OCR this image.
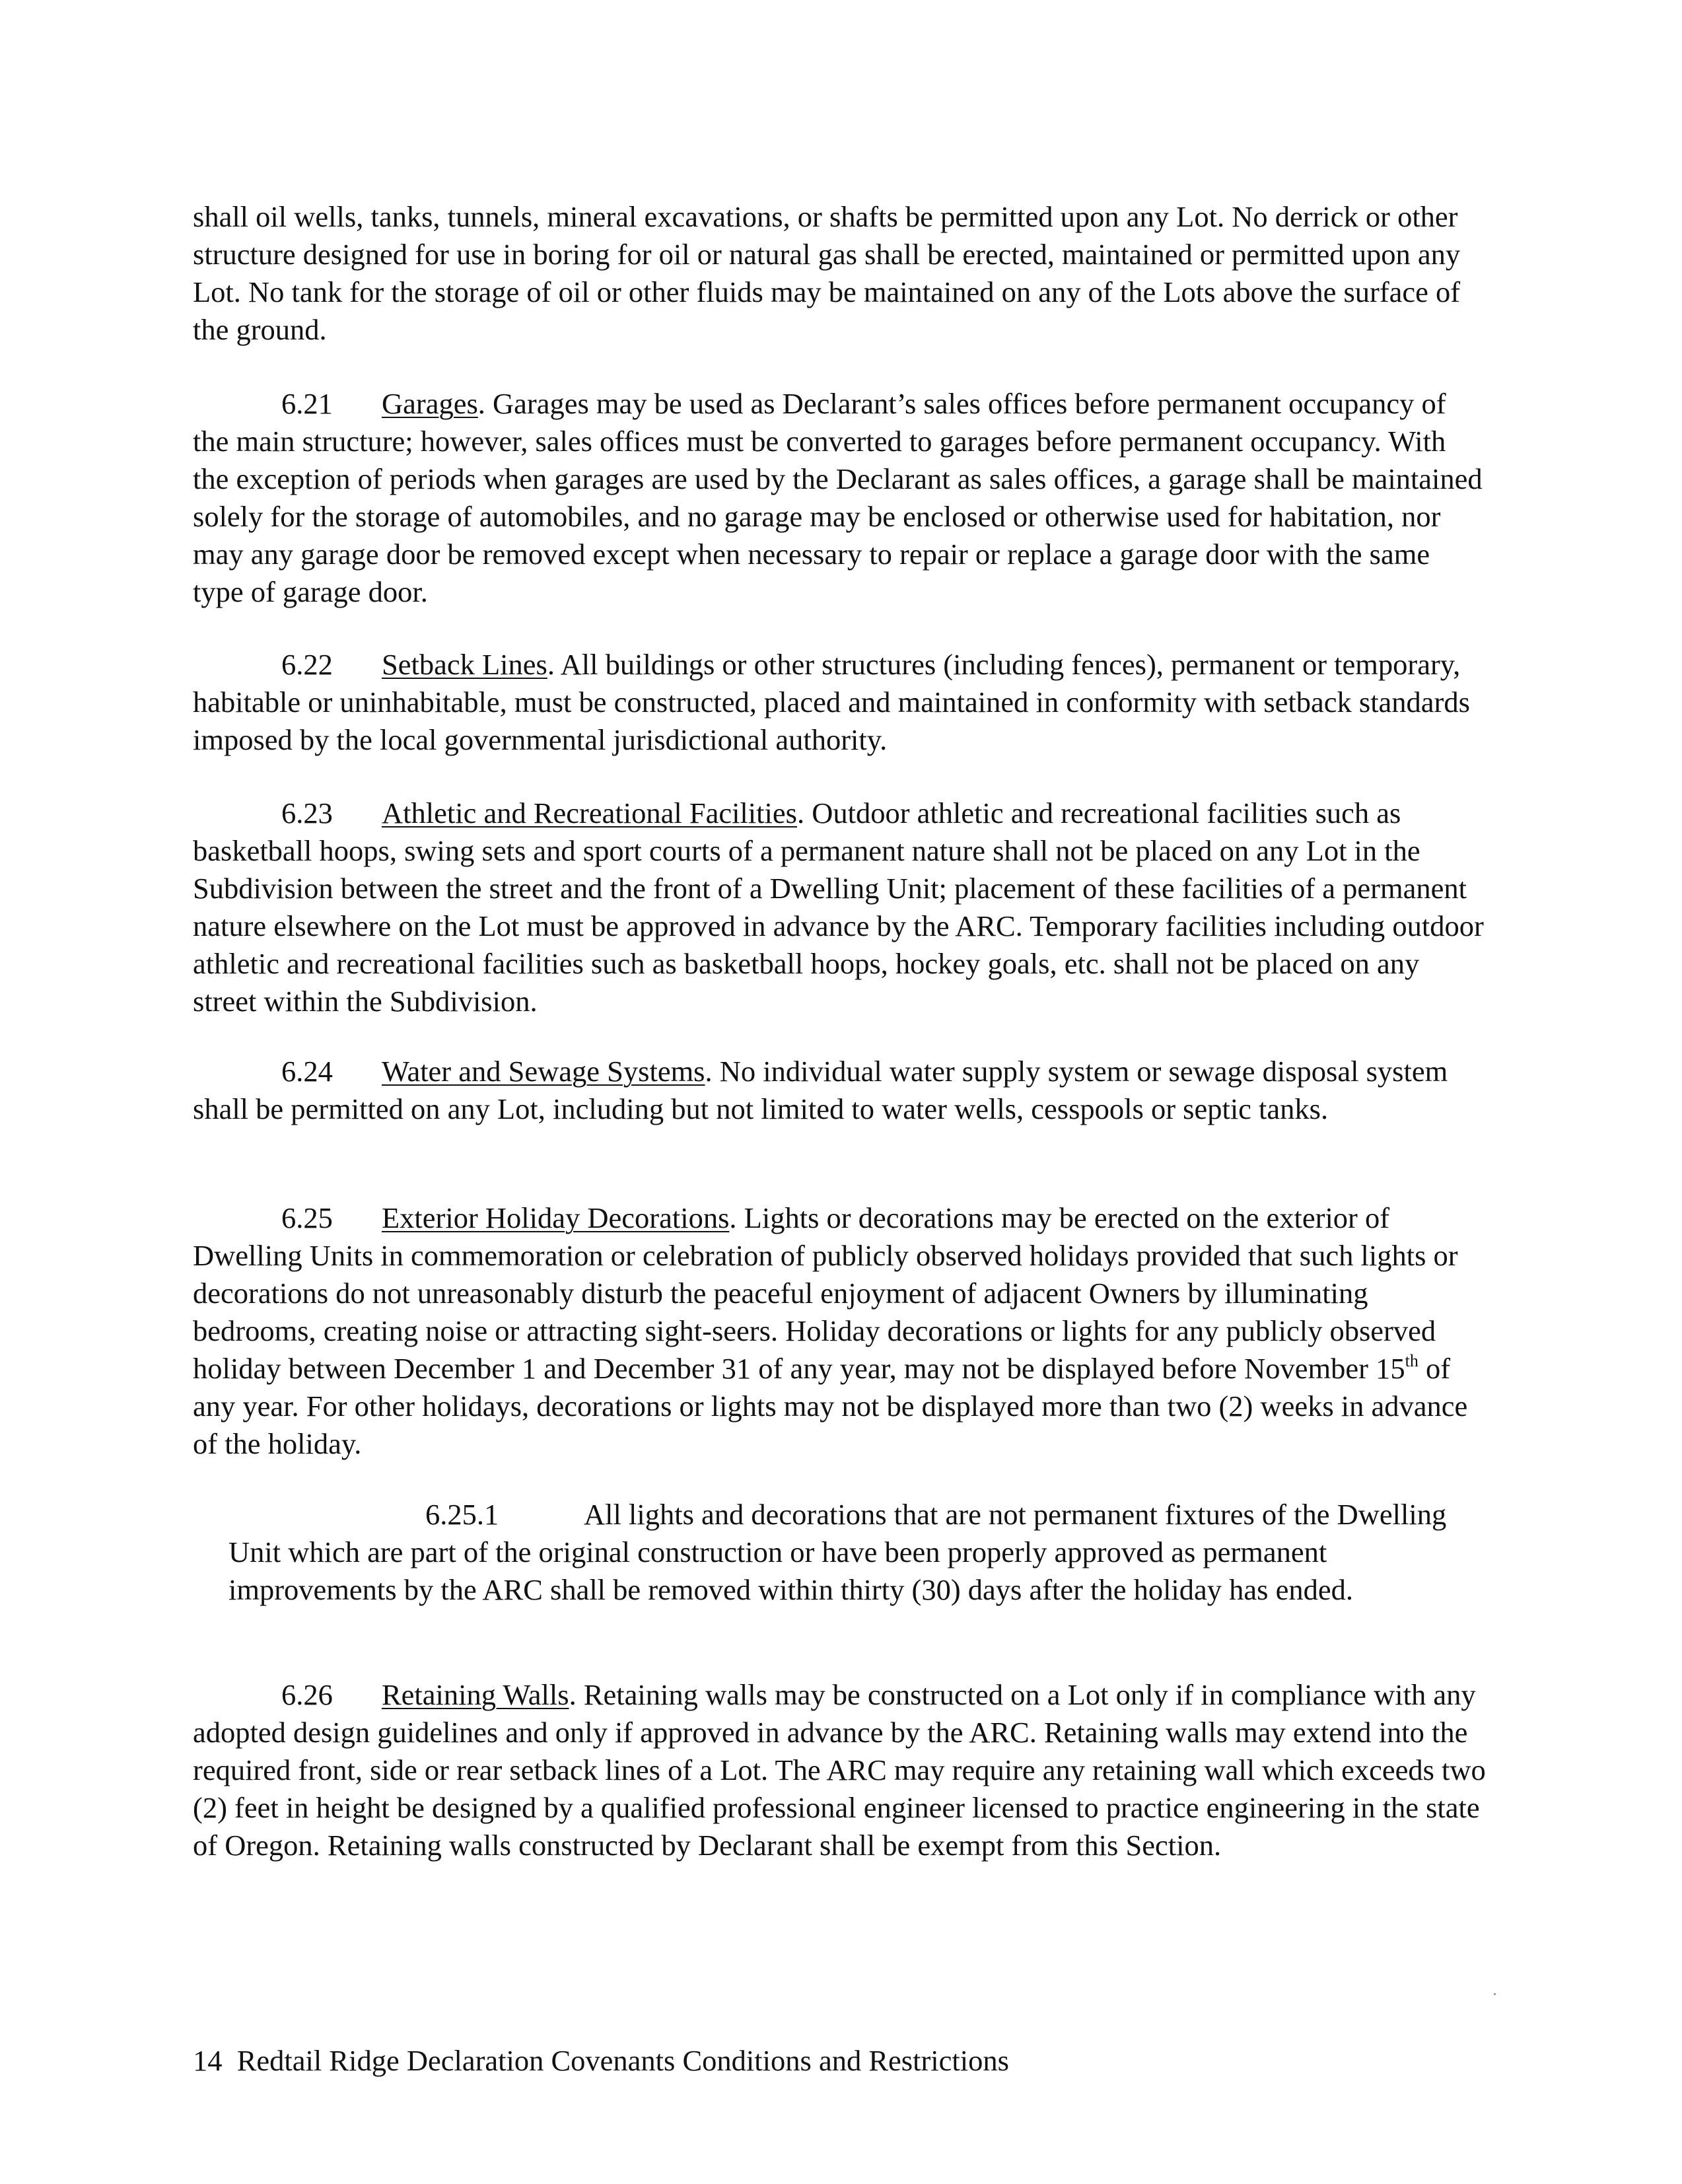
shall oil wells, tanks, tunnels, mineral excavations, or shafts be permitted upon any Lot. No derrick or other structure designed for use in boring for oil or natural gas shall be erected, maintained or permitted upon any Lot. No tank for the storage of oil or other fluids may be maintained on any of the Lots above the surface of the ground.

6.21 Garages. Garages may be used as Declarant’s sales offices before permanent occupancy of the main structure; however, sales offices must be converted to garages before permanent occupancy. With the exception of periods when garages are used by the Declarant as sales offices, a garage shall be maintained solely for the storage of automobiles, and no garage may be enclosed or otherwise used for habitation, nor may any garage door be removed except when necessary to repair or replace a garage door with the same type of garage door.

6.22 Setback Lines. All buildings or other structures (including fences), permanent or temporary, habitable or uninhabitable, must be constructed, placed and maintained in conformity with setback standards imposed by the local governmental jurisdictional authority.

6.23 Athletic and Recreational Facilities. Outdoor athletic and recreational facilities such as basketball hoops, swing sets and sport courts of a permanent nature shall not be placed on any Lot in the Subdivision between the street and the front of a Dwelling Unit; placement of these facilities of a permanent nature elsewhere on the Lot must be approved in advance by the ARC. Temporary facilities including outdoor athletic and recreational facilities such as basketball hoops, hockey goals, etc. shall not be placed on any street within the Subdivision.

6.24 Water and Sewage Systems. No individual water supply system or sewage disposal system shall be permitted on any Lot, including but not limited to water wells, cesspools or septic tanks.

6.25 Exterior Holiday Decorations. Lights or decorations may be erected on the exterior of Dwelling Units in commemoration or celebration of publicly observed holidays provided that such lights or decorations do not unreasonably disturb the peaceful enjoyment of adjacent Owners by illuminating bedrooms, creating noise or attracting sight-seers. Holiday decorations or lights for any publicly observed holiday between December 1 and December 31 of any year, may not be displayed before November 15th of any year. For other holidays, decorations or lights may not be displayed more than two (2) weeks in advance of the holiday.

6.25.1	All lights and decorations that are not permanent fixtures of the Dwelling Unit which are part of the original construction or have been properly approved as permanent improvements by the ARC shall be removed within thirty (30) days after the holiday has ended.

6.26 Retaining Walls. Retaining walls may be constructed on a Lot only if in compliance with any adopted design guidelines and only if approved in advance by the ARC. Retaining walls may extend into the required front, side or rear setback lines of a Lot. The ARC may require any retaining wall which exceeds two (2) feet in height be designed by a qualified professional engineer licensed to practice engineering in the state of Oregon. Retaining walls constructed by Declarant shall be exempt from this Section.

14 Redtail Ridge Declaration Covenants Conditions and Restrictions
